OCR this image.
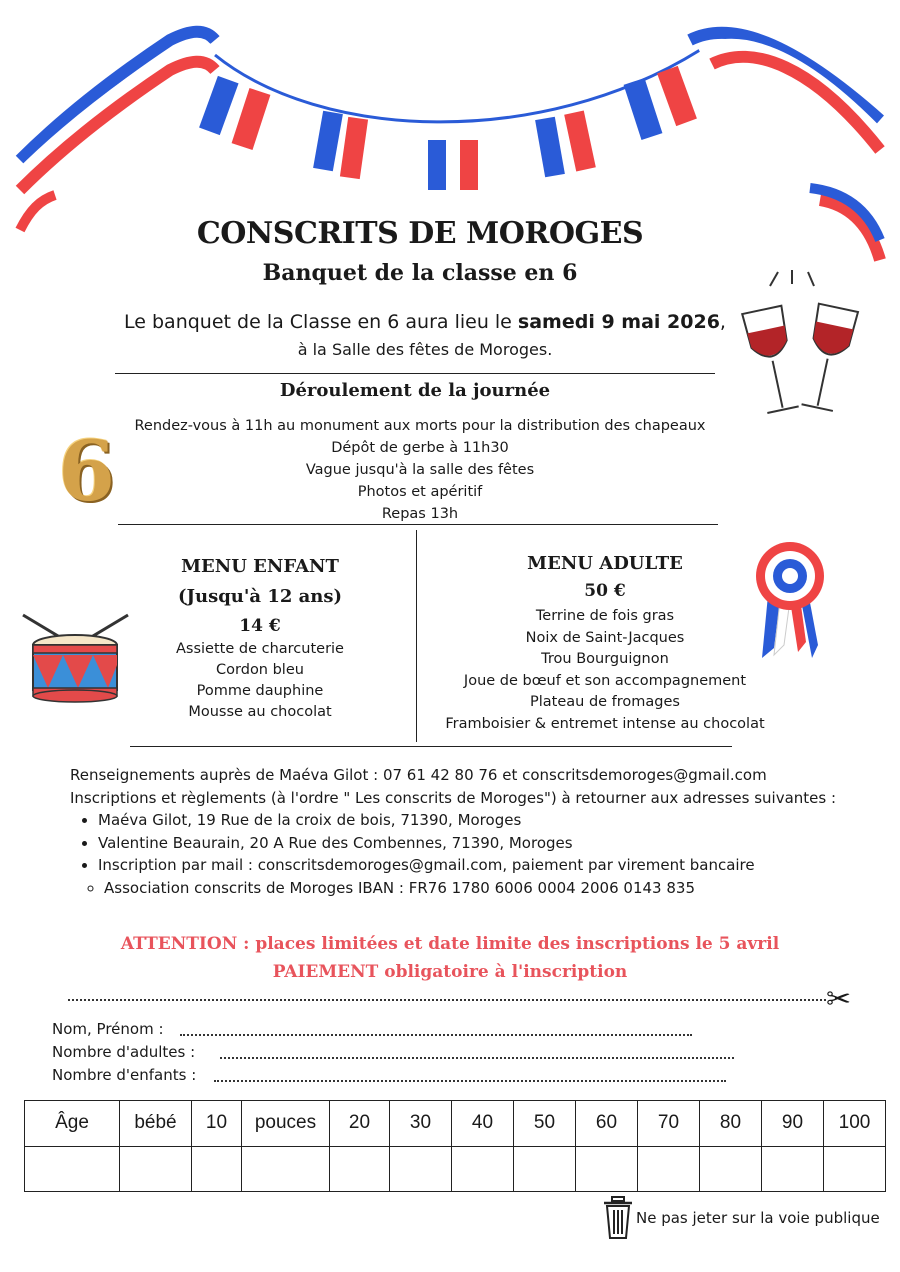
6
CONSCRITS DE MOROGES
Banquet de la classe en 6
Le banquet de la Classe en 6 aura lieu le samedi 9 mai 2026,
à la Salle des fêtes de Moroges.
Déroulement de la journée
Rendez-vous à 11h au monument aux morts pour la distribution des chapeaux
Dépôt de gerbe à 11h30
Vague jusqu'à la salle des fêtes
Photos et apéritif
Repas 13h
MENU ENFANT
(Jusqu'à 12 ans)
14 €
Assiette de charcuterie
Cordon bleu
Pomme dauphine
Mousse au chocolat
MENU ADULTE
50 €
Terrine de fois gras
Noix de Saint-Jacques
Trou Bourguignon
Joue de bœuf et son accompagnement
Plateau de fromages
Framboisier & entremet intense au chocolat
Renseignements auprès de Maéva Gilot : 07 61 42 80 76 et conscritsdemoroges@gmail.com
Inscriptions et règlements (à l'ordre " Les conscrits de Moroges") à retourner aux adresses suivantes :
• Maéva Gilot, 19 Rue de la croix de bois, 71390, Moroges
• Valentine Beaurain, 20 A Rue des Combennes, 71390, Moroges
• Inscription par mail : conscritsdemoroges@gmail.com, paiement par virement bancaire
◦ Association conscrits de Moroges IBAN : FR76 1780 6006 0004 2006 0143 835
ATTENTION : places limitées et date limite des inscriptions le 5 avril
PAIEMENT obligatoire à l'inscription
✂
Nom, Prénom :
Nombre d'adultes :
Nombre d'enfants :
Âge	bébé	10	pouces	20	30	40	50	60	70	80	90	100

Ne pas jeter sur la voie publique
